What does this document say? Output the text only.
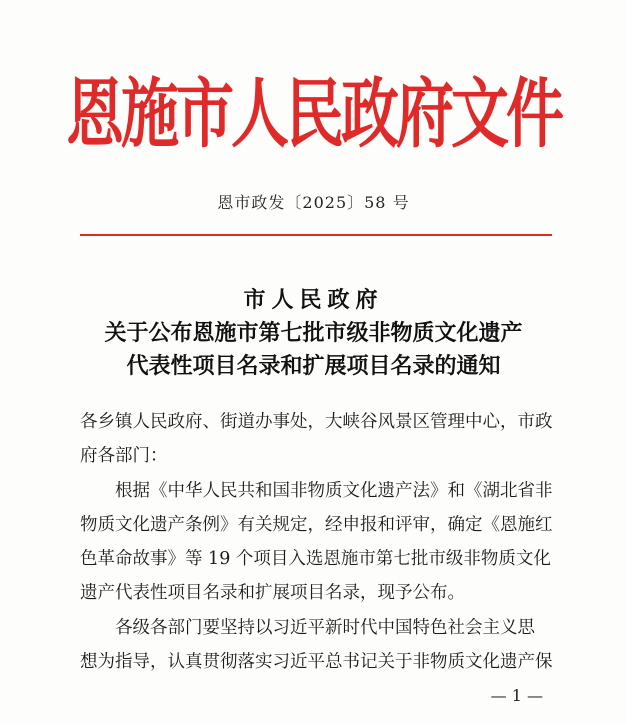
恩施市人民政府文件
恩市政发〔2025〕58 号
市人民政府
关于公布恩施市第七批市级非物质文化遗产
代表性项目名录和扩展项目名录的通知
各乡镇人民政府、街道办事处，大峡谷风景区管理中心，市政
府各部门：
　　根据《中华人民共和国非物质文化遗产法》和《湖北省非
物质文化遗产条例》有关规定，经申报和评审，确定《恩施红
色革命故事》等 19 个项目入选恩施市第七批市级非物质文化
遗产代表性项目名录和扩展项目名录，现予公布。
　　各级各部门要坚持以习近平新时代中国特色社会主义思
想为指导，认真贯彻落实习近平总书记关于非物质文化遗产保
— 1 —
